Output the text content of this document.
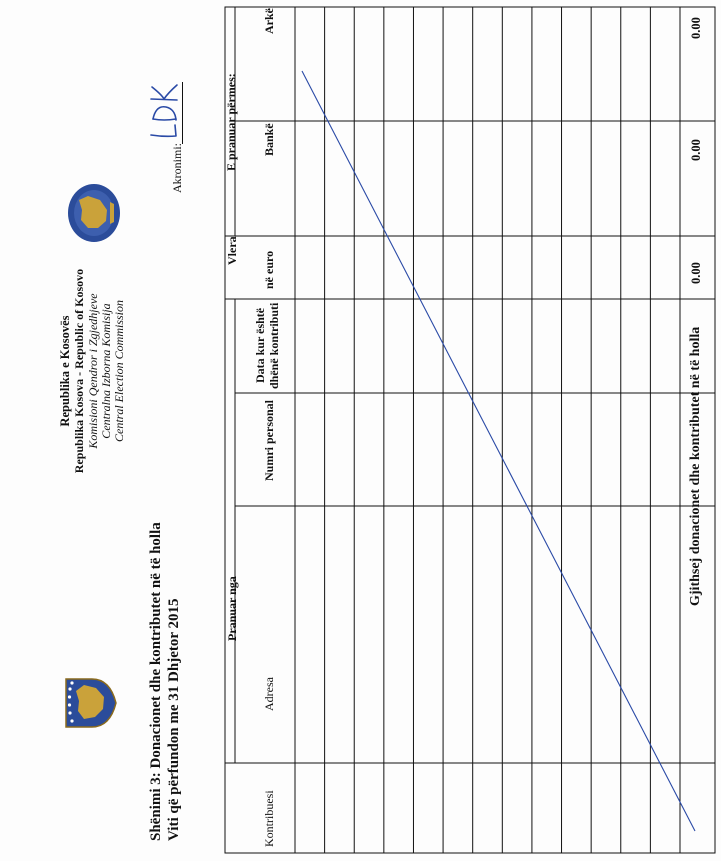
Republika e Kosovës Republika Kosova - Republic of Kosovo Komisioni Qendror i Zgjedhjeve Centralna Izborna Komisija Central Election Commission
Shënimi 3: Donacionet dhe kontributet në të holla Viti që përfundon me 31 Dhjetor 2015
Akronimi:
Pranuar nga
Vlera
E pranuar përmes:
Kontribuesi
Adresa
Numri personal
Data kur është dhënë kontributi
në euro
Bankë
Arkë
Gjithsej donacionet dhe kontributet në të holla
0.00
0.00
0.00
